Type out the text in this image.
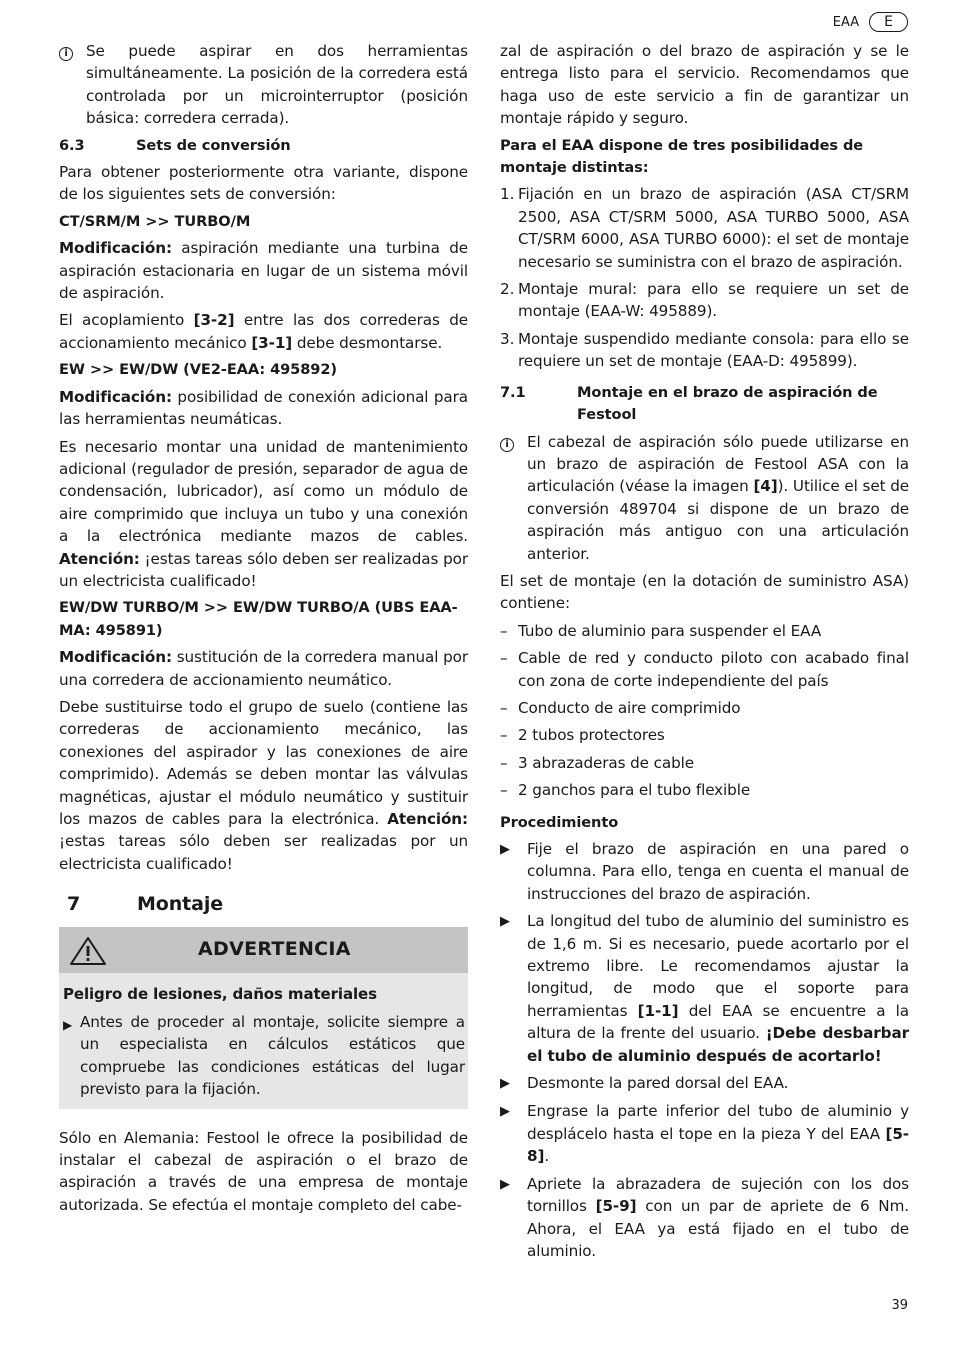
EAA	E
i	Se puede aspirar en dos herramientas simultáneamente. La posición de la corredera está controlada por un microinterruptor (posición básica: corredera cerrada).
6.3	Sets de conversión

Para obtener posteriormente otra variante, dispone de los siguientes sets de conversión:

CT/SRM/M >> TURBO/M

Modificación: aspiración mediante una turbina de aspiración estacionaria en lugar de un sistema móvil de aspiración.

El acoplamiento [3-2] entre las dos correderas de accionamiento mecánico [3-1] debe desmontarse.

EW >> EW/DW (VE2-EAA: 495892)

Modificación: posibilidad de conexión adicional para las herramientas neumáticas.

Es necesario montar una unidad de mantenimiento adicional (regulador de presión, separador de agua de condensación, lubricador), así como un módulo de aire comprimido que incluya un tubo y una conexión a la electrónica mediante mazos de cables. Atención: ¡estas tareas sólo deben ser realizadas por un electricista cualificado!

EW/DW TURBO/M >> EW/DW TURBO/A (UBS EAA-MA: 495891)

Modificación: sustitución de la corredera manual por una corredera de accionamiento neumático.

Debe sustituirse todo el grupo de suelo (contiene las correderas de accionamiento mecánico, las conexiones del aspirador y las conexiones de aire comprimido). Además se deben montar las válvulas magnéticas, ajustar el módulo neumático y sustituir los mazos de cables para la electrónica. Atención: ¡estas tareas sólo deben ser realizadas por un electricista cualificado!

7	Montaje
ADVERTENCIA
Peligro de lesiones, daños materiales
▶ Antes de proceder al montaje, solicite siempre a un especialista en cálculos estáticos que compruebe las condiciones estáticas del lugar previsto para la fijación.

Sólo en Alemania: Festool le ofrece la posibilidad de instalar el cabezal de aspiración o el brazo de aspiración a través de una empresa de montaje autorizada. Se efectúa el montaje completo del cabe-

zal de aspiración o del brazo de aspiración y se le entrega listo para el servicio. Recomendamos que haga uso de este servicio a fin de garantizar un montaje rápido y seguro.

Para el EAA dispone de tres posibilidades de montaje distintas:
1. Fijación en un brazo de aspiración (ASA CT/SRM 2500, ASA CT/SRM 5000, ASA TURBO 5000, ASA CT/SRM 6000, ASA TURBO 6000): el set de montaje necesario se suministra con el brazo de aspiración.
2. Montaje mural: para ello se requiere un set de montaje (EAA-W: 495889).
3. Montaje suspendido mediante consola: para ello se requiere un set de montaje (EAA-D: 495899).
7.1	Montaje en el brazo de aspiración de Festool
i	El cabezal de aspiración sólo puede utilizarse en un brazo de aspiración de Festool ASA con la articulación (véase la imagen [4]). Utilice el set de conversión 489704 si dispone de un brazo de aspiración más antiguo con una articulación anterior.

El set de montaje (en la dotación de suministro ASA) contiene:

– Tubo de aluminio para suspender el EAA
– Cable de red y conducto piloto con acabado final con zona de corte independiente del país
– Conducto de aire comprimido
– 2 tubos protectores
– 3 abrazaderas de cable
– 2 ganchos para el tubo flexible
Procedimiento
▶	Fije el brazo de aspiración en una pared o columna. Para ello, tenga en cuenta el manual de instrucciones del brazo de aspiración.
▶	La longitud del tubo de aluminio del suministro es de 1,6 m. Si es necesario, puede acortarlo por el extremo libre. Le recomendamos ajustar la longitud, de modo que el soporte para herramientas [1-1] del EAA se encuentre a la altura de la frente del usuario. ¡Debe desbarbar el tubo de aluminio después de acortarlo!
▶	Desmonte la pared dorsal del EAA.
▶	Engrase la parte inferior del tubo de aluminio y desplácelo hasta el tope en la pieza Y del EAA [5-8].
▶	Apriete la abrazadera de sujeción con los dos tornillos [5-9] con un par de apriete de 6 Nm. Ahora, el EAA ya está fijado en el tubo de aluminio.
39
